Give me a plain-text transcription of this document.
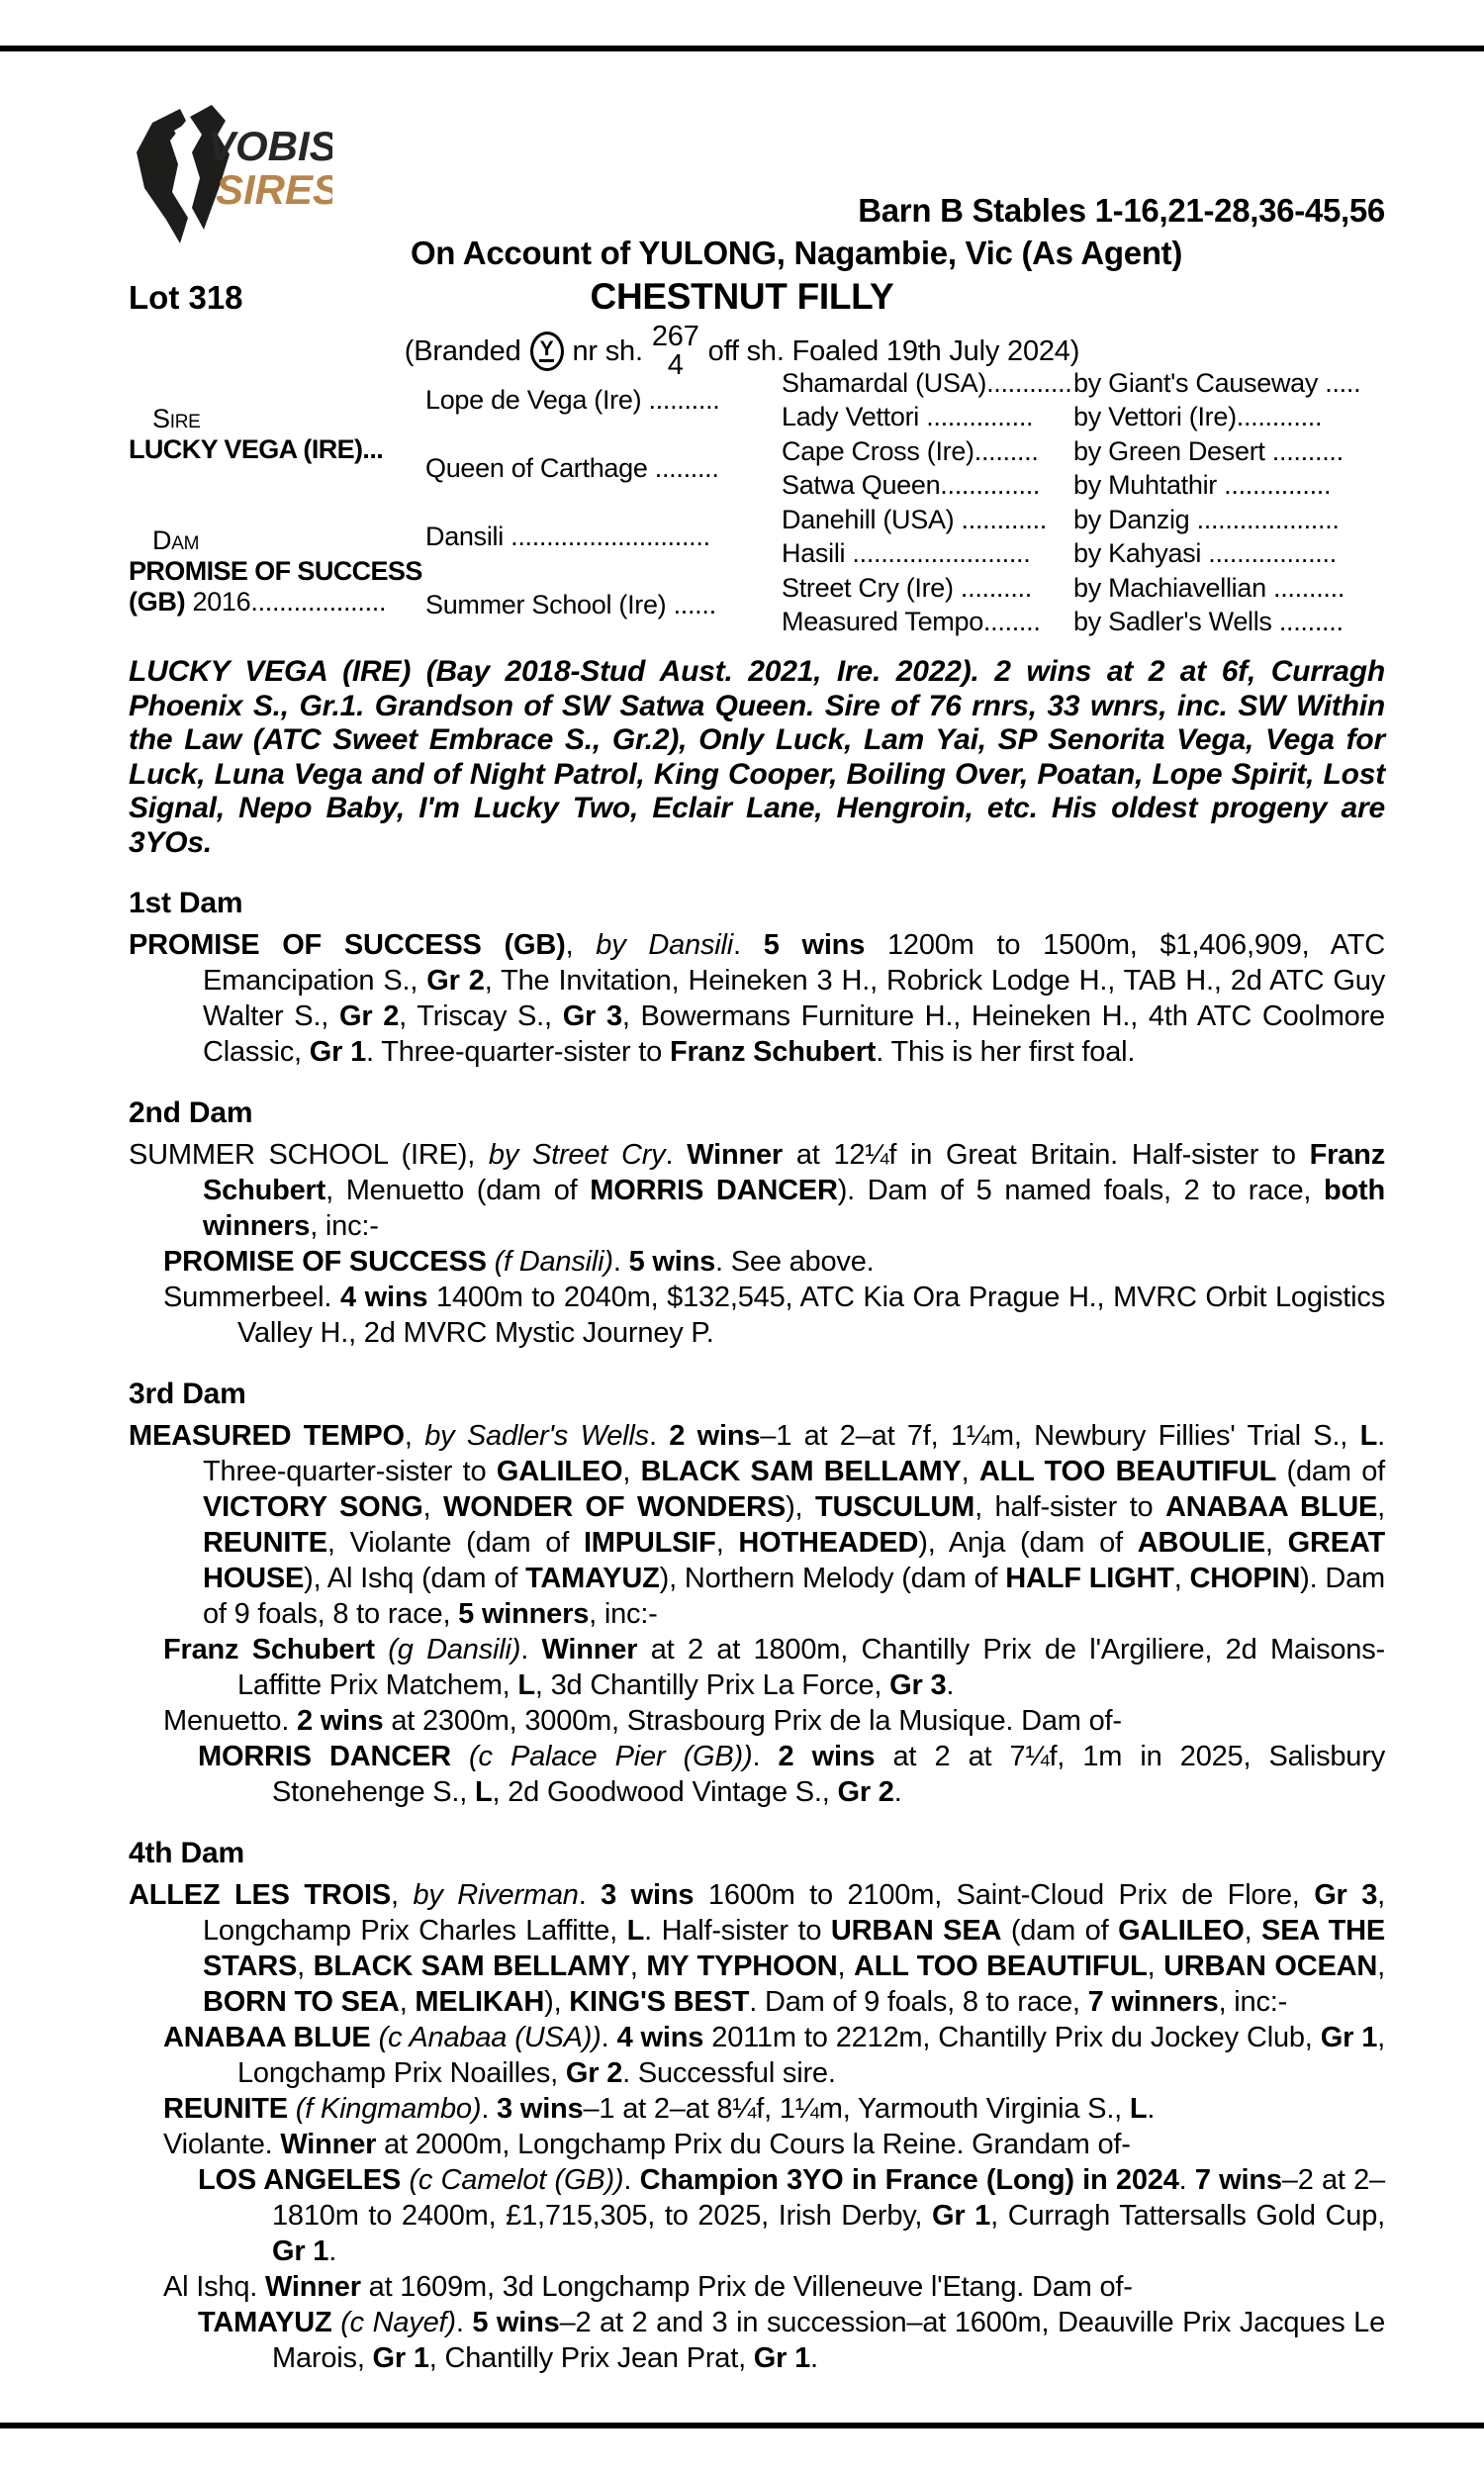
VOBIS
SIRES	Barn B Stables 1-16,21-28,36-45,56
On Account of YULONG, Nagambie, Vic (As Agent)
Lot 318	CHESTNUT FILLY
(Branded Y nr sh. 267
4 off sh. Foaled 19th July 2024)
Sire
LUCKY VEGA (IRE)...
Dam
PROMISE OF SUCCESS
(GB) 2016...................
Lope de Vega (Ire) ..........
Queen of Carthage .........
Dansili ............................
Summer School (Ire) ......
Shamardal (USA)............ by Giant's Causeway .....
Lady Vettori ...............	by Vettori (Ire)............
Cape Cross (Ire).........	by Green Desert ..........
Satwa Queen..............	by Muhtathir ...............
Danehill (USA) ............	by Danzig ....................
Hasili .........................	by Kahyasi ..................
Street Cry (Ire) ..........	by Machiavellian ..........
Measured Tempo........	by Sadler's Wells .........

LUCKY VEGA (IRE) (Bay 2018-Stud Aust. 2021, Ire. 2022). 2 wins at 2 at 6f, Curragh Phoenix S., Gr.1. Grandson of SW Satwa Queen. Sire of 76 rnrs, 33 wnrs, inc. SW Within the Law (ATC Sweet Embrace S., Gr.2), Only Luck, Lam Yai, SP Senorita Vega, Vega for Luck, Luna Vega and of Night Patrol, King Cooper, Boiling Over, Poatan, Lope Spirit, Lost Signal, Nepo Baby, I'm Lucky Two, Eclair Lane, Hengroin, etc. His oldest progeny are 3YOs.

1st Dam

PROMISE OF SUCCESS (GB), by Dansili. 5 wins 1200m to 1500m, $1,406,909, ATC Emancipation S., Gr 2, The Invitation, Heineken 3 H., Robrick Lodge H., TAB H., 2d ATC Guy Walter S., Gr 2, Triscay S., Gr 3, Bowermans Furniture H., Heineken H., 4th ATC Coolmore Classic, Gr 1. Three-quarter-sister to Franz Schubert. This is her first foal.

2nd Dam

SUMMER SCHOOL (IRE), by Street Cry. Winner at 12¼f in Great Britain. Half-sister to Franz Schubert, Menuetto (dam of MORRIS DANCER). Dam of 5 named foals, 2 to race, both winners, inc:-

PROMISE OF SUCCESS (f Dansili). 5 wins. See above.

Summerbeel. 4 wins 1400m to 2040m, $132,545, ATC Kia Ora Prague H., MVRC Orbit Logistics Valley H., 2d MVRC Mystic Journey P.

3rd Dam

MEASURED TEMPO, by Sadler's Wells. 2 wins–1 at 2–at 7f, 1¼m, Newbury Fillies' Trial S., L. Three-quarter-sister to GALILEO, BLACK SAM BELLAMY, ALL TOO BEAUTIFUL (dam of VICTORY SONG, WONDER OF WONDERS), TUSCULUM, half-sister to ANABAA BLUE, REUNITE, Violante (dam of IMPULSIF, HOTHEADED), Anja (dam of ABOULIE, GREAT HOUSE), Al Ishq (dam of TAMAYUZ), Northern Melody (dam of HALF LIGHT, CHOPIN). Dam of 9 foals, 8 to race, 5 winners, inc:-

Franz Schubert (g Dansili). Winner at 2 at 1800m, Chantilly Prix de l'Argiliere, 2d Maisons-Laffitte Prix Matchem, L, 3d Chantilly Prix La Force, Gr 3.

Menuetto. 2 wins at 2300m, 3000m, Strasbourg Prix de la Musique. Dam of-

MORRIS DANCER (c Palace Pier (GB)). 2 wins at 2 at 7¼f, 1m in 2025, Salisbury Stonehenge S., L, 2d Goodwood Vintage S., Gr 2.

4th Dam

ALLEZ LES TROIS, by Riverman. 3 wins 1600m to 2100m, Saint-Cloud Prix de Flore, Gr 3, Longchamp Prix Charles Laffitte, L. Half-sister to URBAN SEA (dam of GALILEO, SEA THE STARS, BLACK SAM BELLAMY, MY TYPHOON, ALL TOO BEAUTIFUL, URBAN OCEAN, BORN TO SEA, MELIKAH), KING'S BEST. Dam of 9 foals, 8 to race, 7 winners, inc:-

ANABAA BLUE (c Anabaa (USA)). 4 wins 2011m to 2212m, Chantilly Prix du Jockey Club, Gr 1, Longchamp Prix Noailles, Gr 2. Successful sire.

REUNITE (f Kingmambo). 3 wins–1 at 2–at 8¼f, 1¼m, Yarmouth Virginia S., L.

Violante. Winner at 2000m, Longchamp Prix du Cours la Reine. Grandam of-

LOS ANGELES (c Camelot (GB)). Champion 3YO in France (Long) in 2024. 7 wins–2 at 2–1810m to 2400m, £1,715,305, to 2025, Irish Derby, Gr 1, Curragh Tattersalls Gold Cup, Gr 1.

Al Ishq. Winner at 1609m, 3d Longchamp Prix de Villeneuve l'Etang. Dam of-

TAMAYUZ (c Nayef). 5 wins–2 at 2 and 3 in succession–at 1600m, Deauville Prix Jacques Le Marois, Gr 1, Chantilly Prix Jean Prat, Gr 1.
